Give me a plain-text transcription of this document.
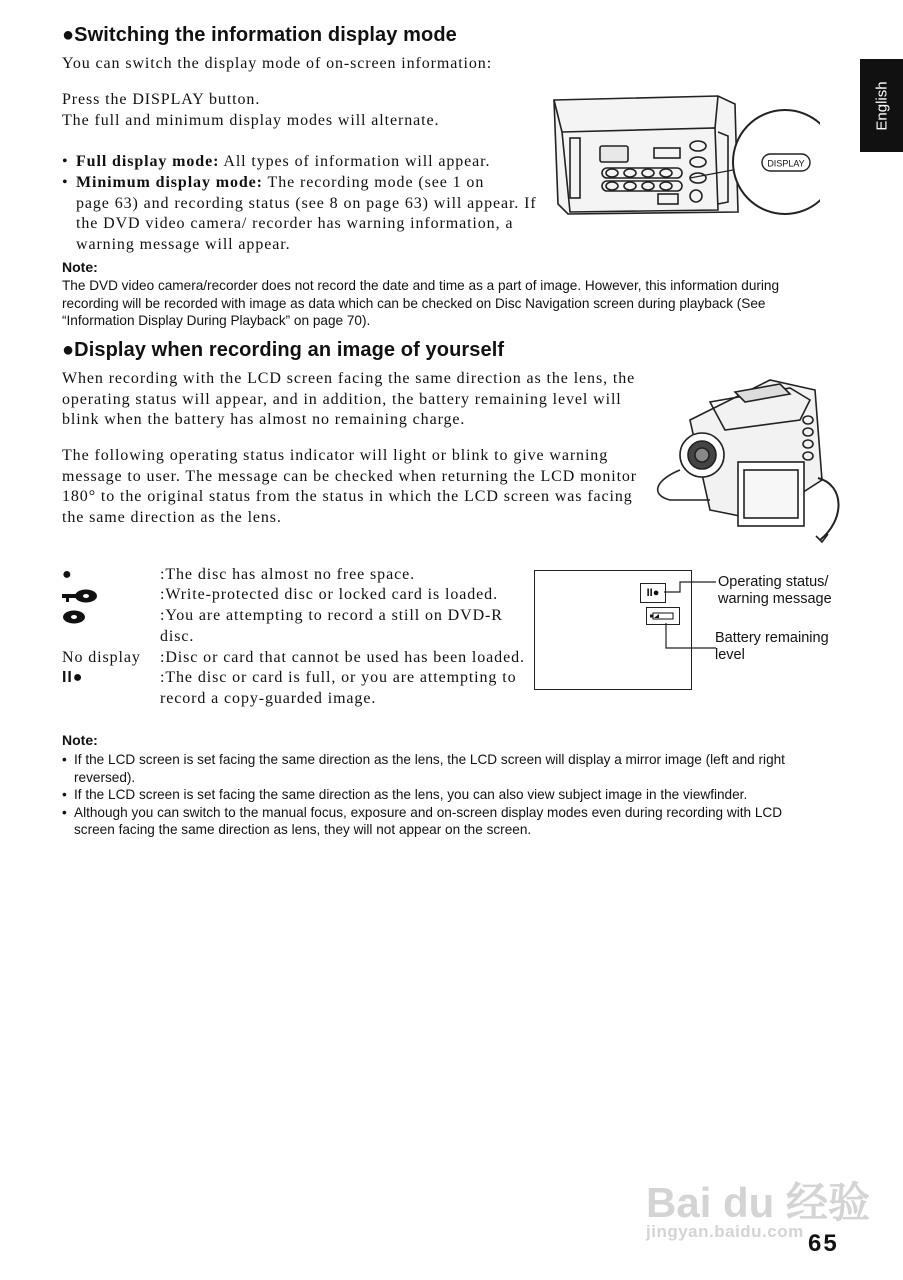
English
●Switching the information display mode
You can switch the display mode of on-screen information:
Press the DISPLAY button.
The full and minimum display modes will alternate.
• Full display mode: All types of information will appear.
• Minimum display mode: The recording mode (see 1 on
page 63) and recording status (see 8 on page 63) will appear. If
the DVD video camera/ recorder has warning information, a
warning message will appear.
DISPLAY
Note:
The DVD video camera/recorder does not record the date and time as a part of image. However, this information during
recording will be recorded with image as data which can be checked on Disc Navigation screen during playback (See
“Information Display During Playback” on page 70).
●Display when recording an image of yourself
When recording with the LCD screen facing the same direction as the lens, the
operating status will appear, and in addition, the battery remaining level will
blink when the battery has almost no remaining charge.
The following operating status indicator will light or blink to give warning
message to user. The message can be checked when returning the LCD monitor
180° to the original status from the status in which the LCD screen was facing
the same direction as the lens.
●	:The disc has almost no free space.
:Write-protected disc or locked card is loaded.
:You are attempting to record a still on DVD-R
disc.
No display :Disc or card that cannot be used has been loaded.
II●	:The disc or card is full, or you are attempting to
record a copy-guarded image.
II●
Operating status/
warning message
Battery remaining
level
Note:
• If the LCD screen is set facing the same direction as the lens, the LCD screen will display a mirror image (left and right
reversed).
• If the LCD screen is set facing the same direction as the lens, you can also view subject image in the viewfinder.
• Although you can switch to the manual focus, exposure and on-screen display modes even during recording with LCD
screen facing the same direction as lens, they will not appear on the screen.
Bai du 经验
jingyan.baidu.com 65
